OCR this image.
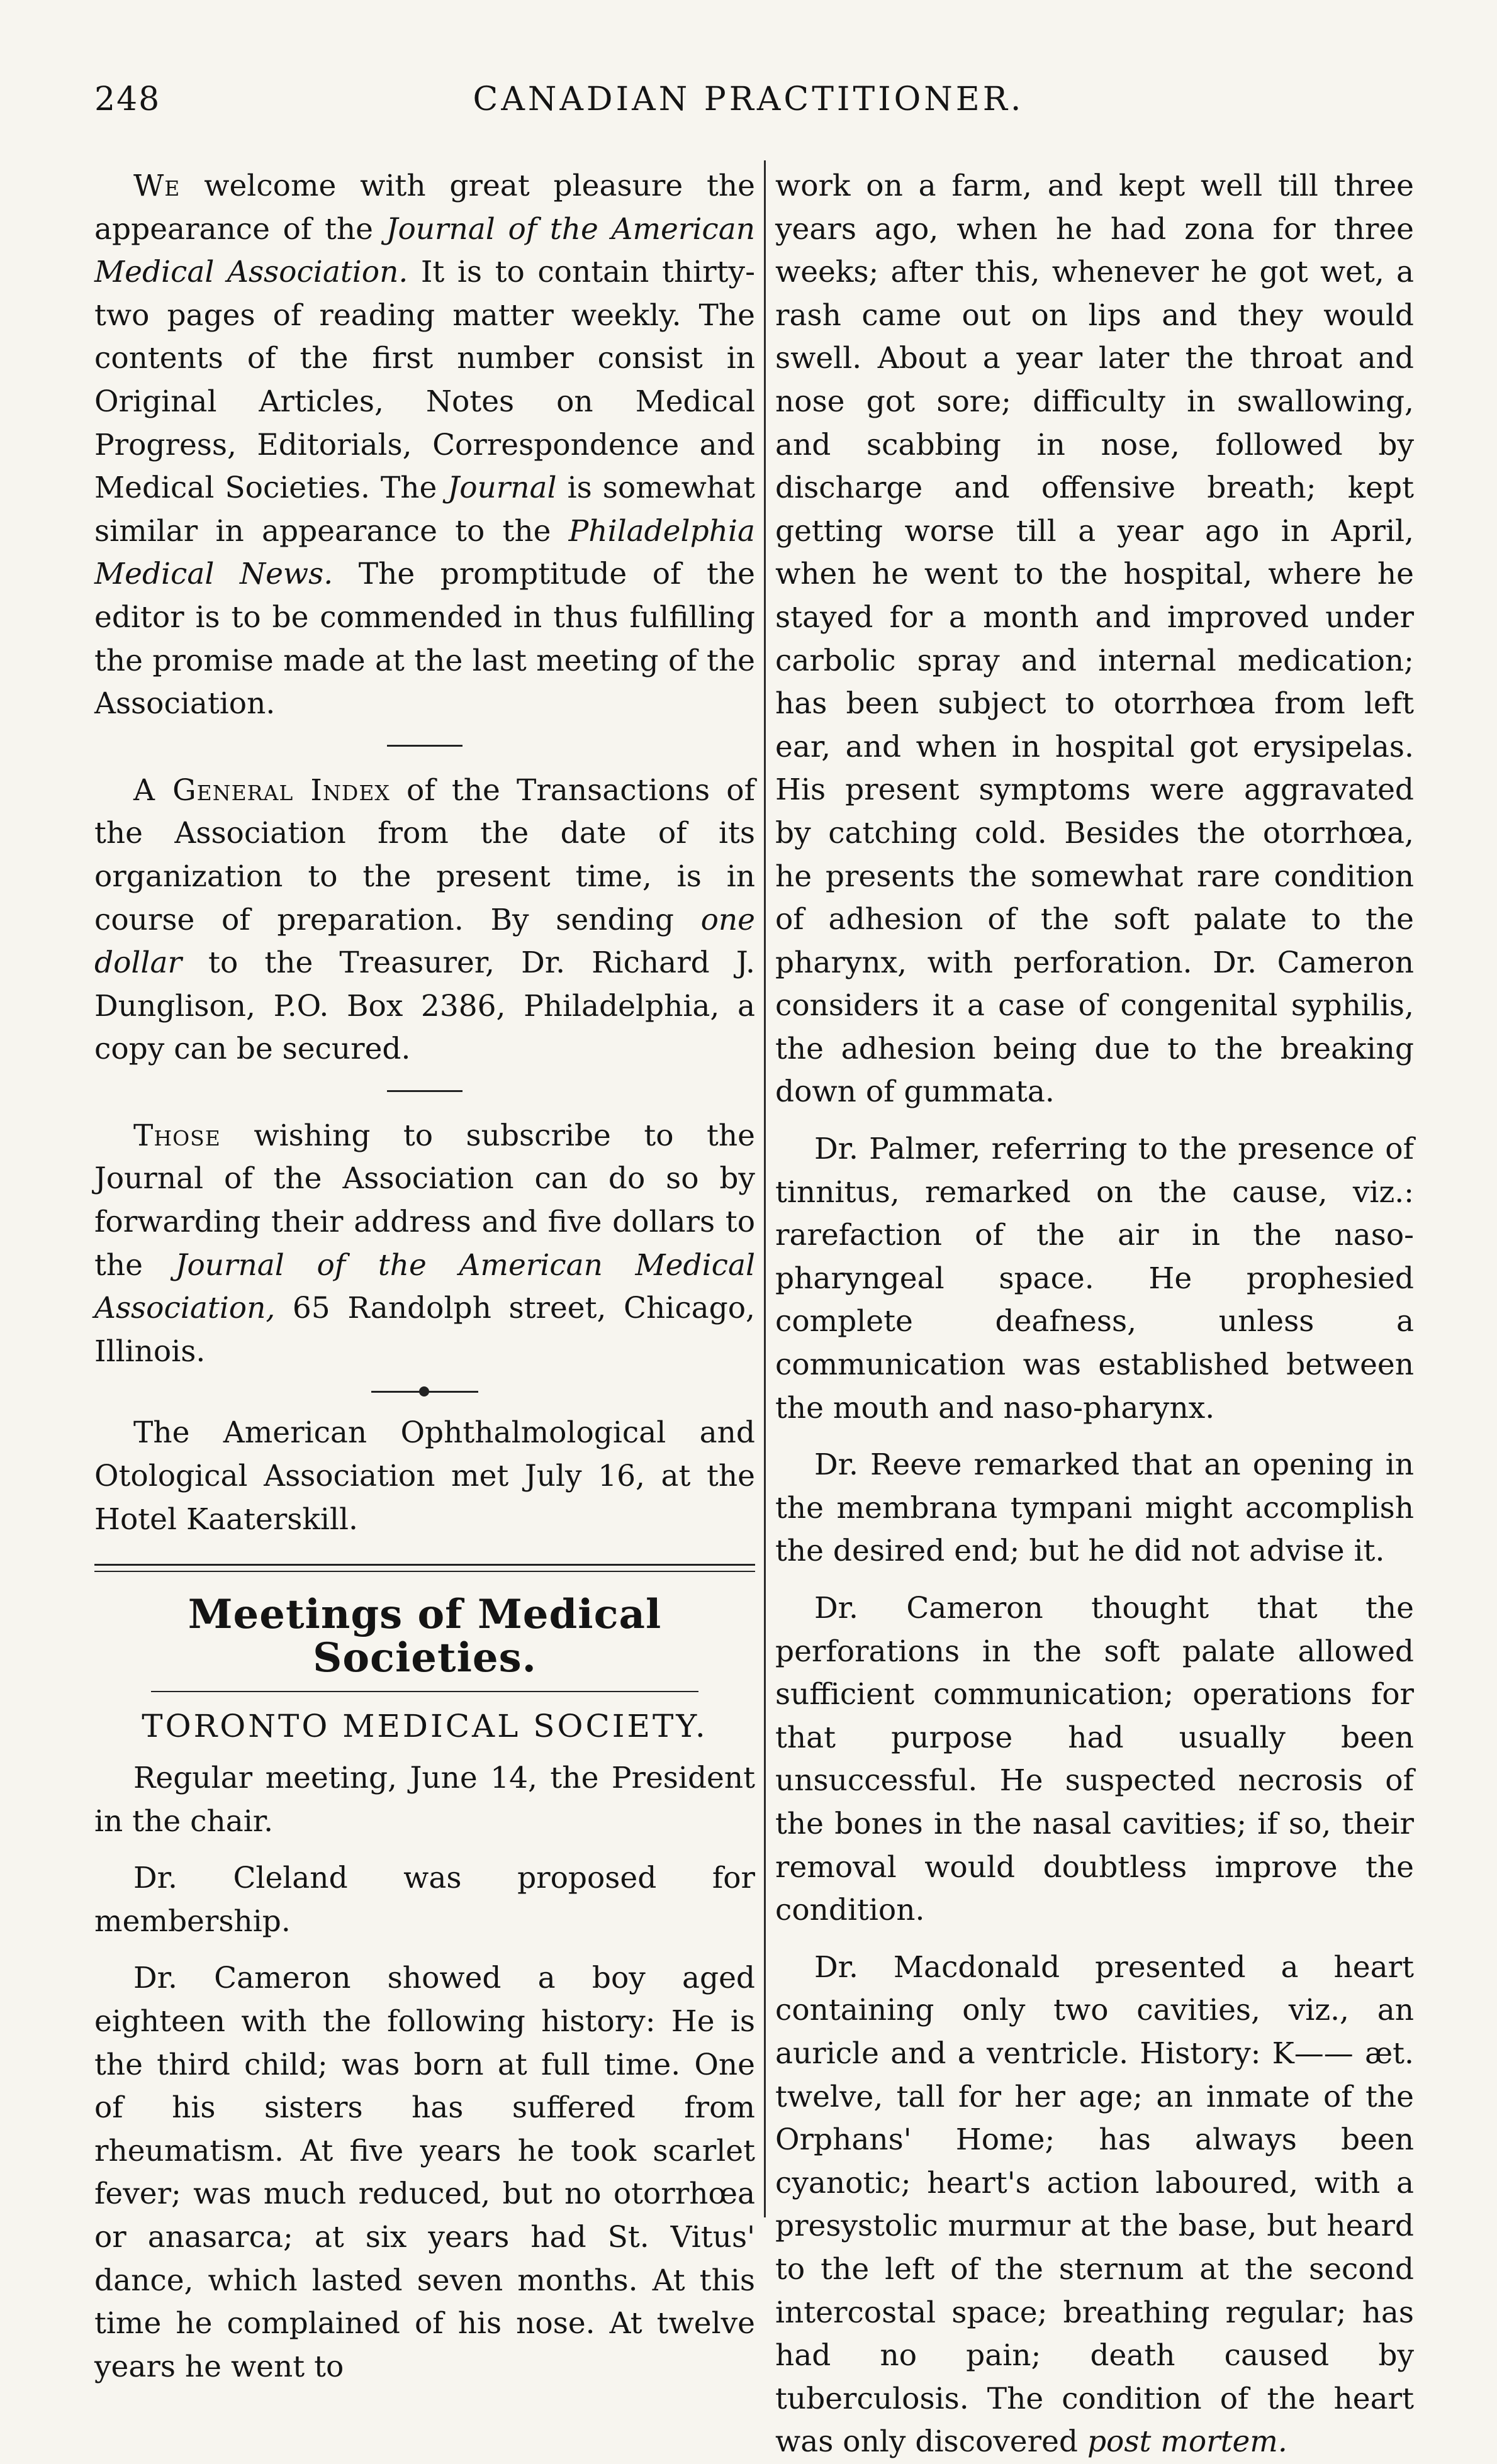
248	CANADIAN PRACTITIONER.

We welcome with great pleasure the appearance of the Journal of the American Medical Association. It is to contain thirty-two pages of reading matter weekly. The contents of the first number consist in Original Articles, Notes on Medical Progress, Editorials, Correspondence and Medical Societies. The Journal is somewhat similar in appearance to the Philadelphia Medical News. The promptitude of the editor is to be commended in thus fulfilling the promise made at the last meeting of the Association.

A General Index of the Transactions of the Association from the date of its organization to the present time, is in course of preparation. By sending one dollar to the Treasurer, Dr. Richard J. Dunglison, P.O. Box 2386, Philadelphia, a copy can be secured.

Those wishing to subscribe to the Journal of the Association can do so by forwarding their address and five dollars to the Journal of the American Medical Association, 65 Randolph street, Chicago, Illinois.

The American Ophthalmological and Otological Association met July 16, at the Hotel Kaaterskill.

Meetings of Medical Societies.
TORONTO MEDICAL SOCIETY.

Regular meeting, June 14, the President in the chair.

Dr. Cleland was proposed for membership.

Dr. Cameron showed a boy aged eighteen with the following history: He is the third child; was born at full time. One of his sisters has suffered from rheumatism. At five years he took scarlet fever; was much reduced, but no otorrhœa or anasarca; at six years had St. Vitus' dance, which lasted seven months. At this time he complained of his nose. At twelve years he went to

work on a farm, and kept well till three years ago, when he had zona for three weeks; after this, whenever he got wet, a rash came out on lips and they would swell. About a year later the throat and nose got sore; difficulty in swallowing, and scabbing in nose, followed by discharge and offensive breath; kept getting worse till a year ago in April, when he went to the hospital, where he stayed for a month and improved under carbolic spray and internal medication; has been subject to otorrhœa from left ear, and when in hospital got erysipelas. His present symptoms were aggravated by catching cold. Besides the otorrhœa, he presents the somewhat rare condition of adhesion of the soft palate to the pharynx, with perforation. Dr. Cameron considers it a case of congenital syphilis, the adhesion being due to the breaking down of gummata.

Dr. Palmer, referring to the presence of tinnitus, remarked on the cause, viz.: rarefaction of the air in the naso-pharyngeal space. He prophesied complete deafness, unless a communication was established between the mouth and naso-pharynx.

Dr. Reeve remarked that an opening in the membrana tympani might accomplish the desired end; but he did not advise it.

Dr. Cameron thought that the perforations in the soft palate allowed sufficient communication; operations for that purpose had usually been unsuccessful. He suspected necrosis of the bones in the nasal cavities; if so, their removal would doubtless improve the condition.

Dr. Macdonald presented a heart containing only two cavities, viz., an auricle and a ventricle. History: K—— æt. twelve, tall for her age; an inmate of the Orphans' Home; has always been cyanotic; heart's action laboured, with a presystolic murmur at the base, but heard to the left of the sternum at the second intercostal space; breathing regular; has had no pain; death caused by tuberculosis. The condition of the heart was only discovered post mortem.
